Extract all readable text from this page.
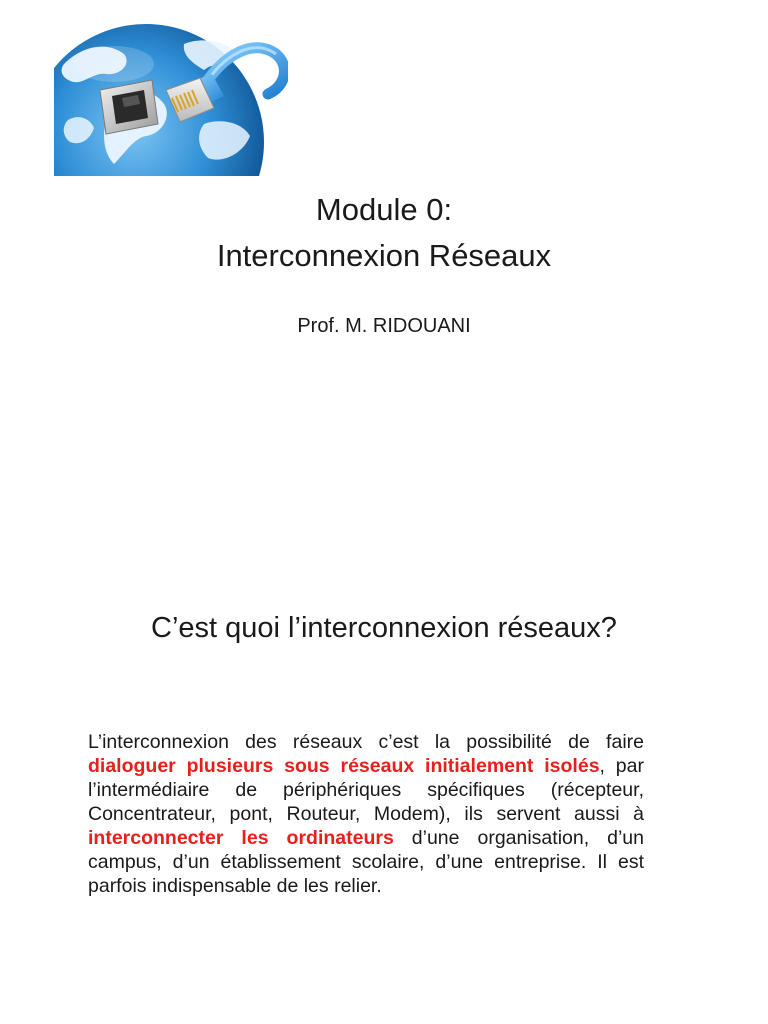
Module 0:
Interconnexion Réseaux
Prof. M. RIDOUANI
C’est quoi l’interconnexion réseaux?
L’interconnexion des réseaux c’est la possibilité de faire dialoguer plusieurs sous réseaux initialement isolés, par l’intermédiaire de périphériques spécifiques (récepteur, Concentrateur, pont, Routeur, Modem), ils servent aussi à interconnecter les ordinateurs d’une organisation, d’un campus, d’un établissement scolaire, d’une entreprise. Il est parfois indispensable de les relier.
